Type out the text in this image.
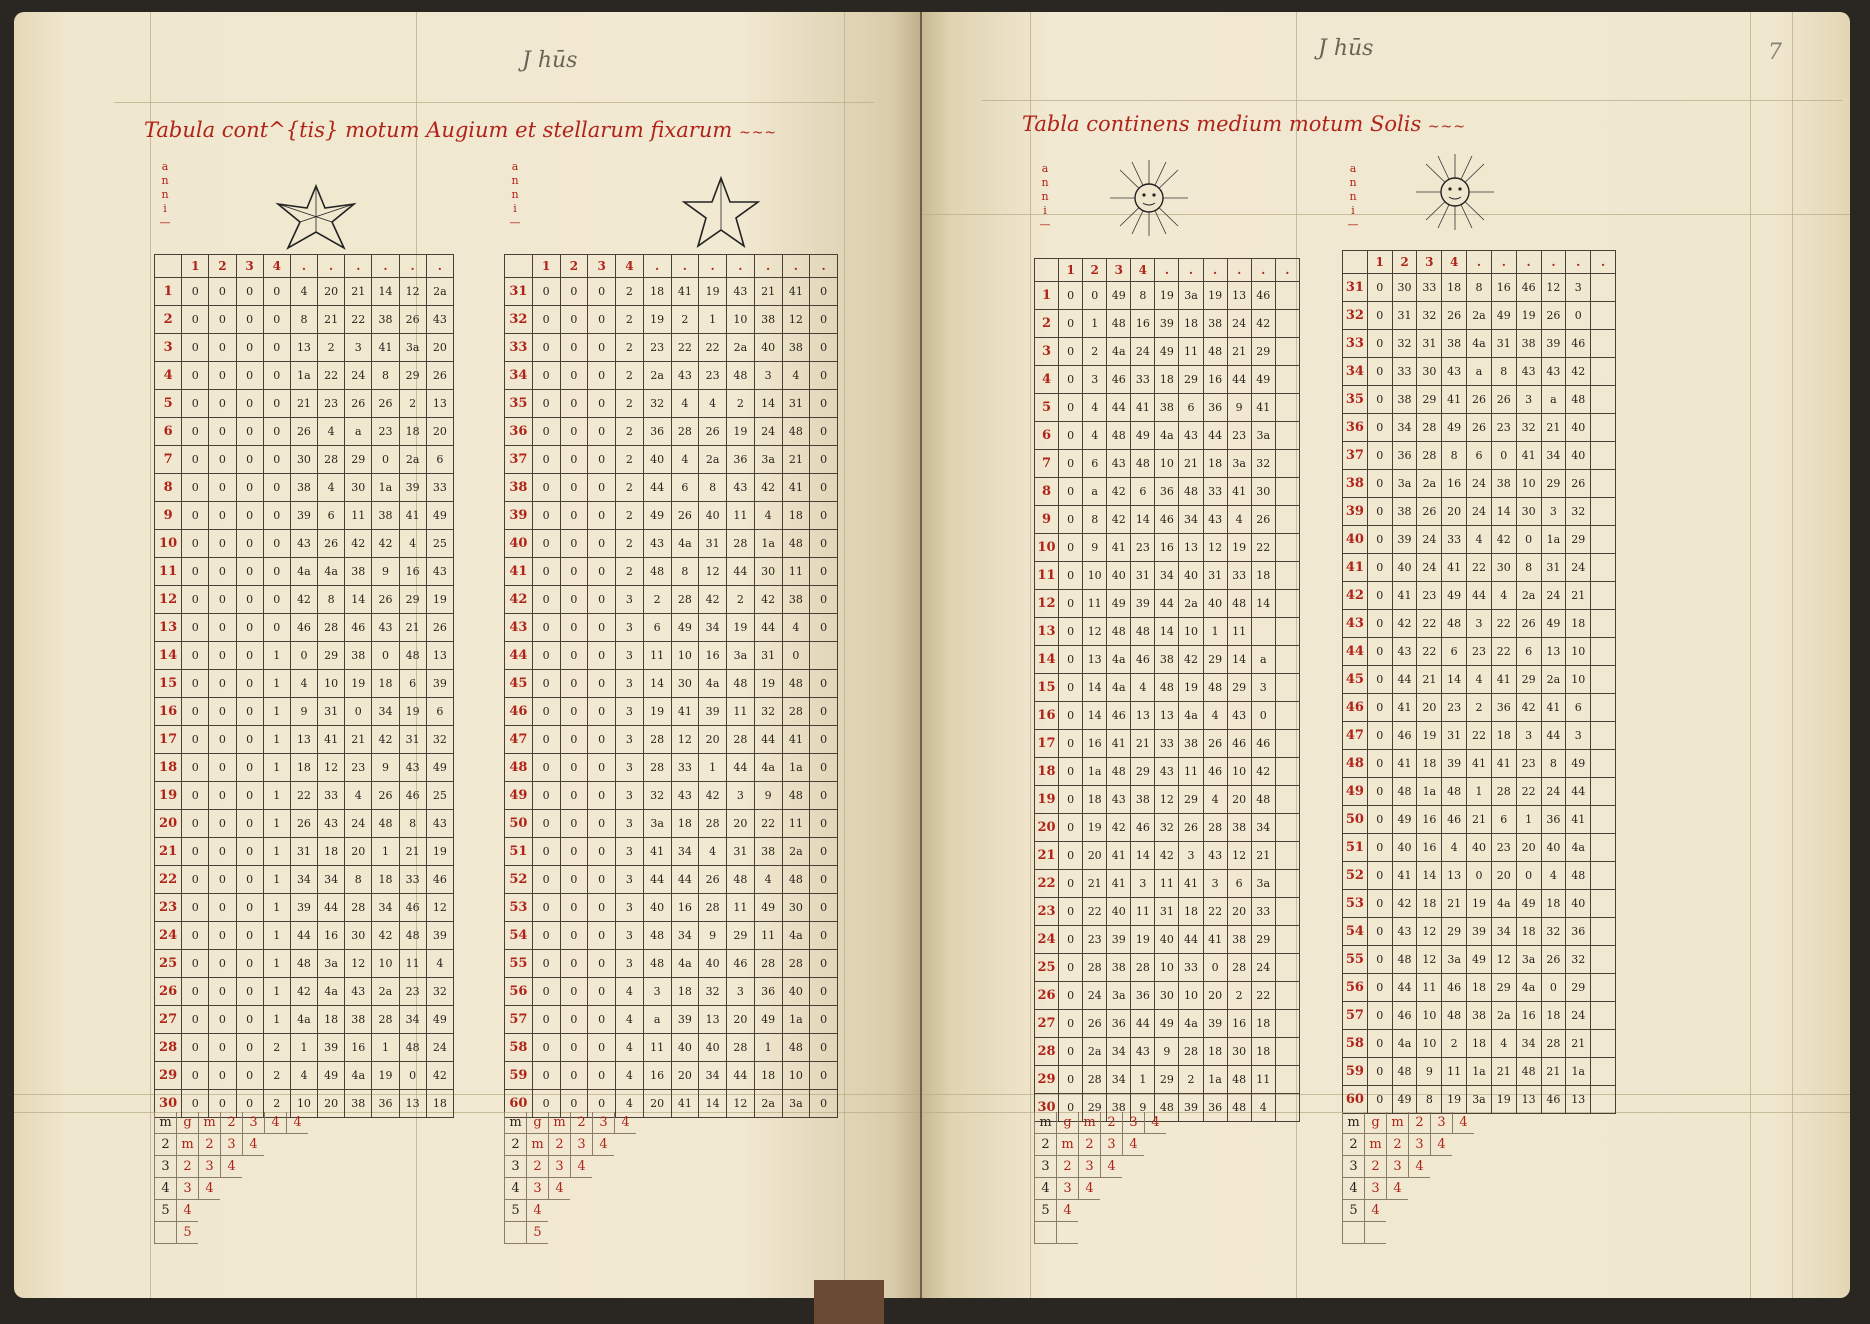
J hūs
Tabula cont^{tis} motum Augium et stellarum fixarum ~~~
a
n
n
i
—
a
n
n
i
—
	1	2	3	4	.	.	.	.	.	.
1	0	0	0	0	4	20	21	14	12	2a
2	0	0	0	0	8	21	22	38	26	43
3	0	0	0	0	13	2	3	41	3a	20
4	0	0	0	0	1a	22	24	8	29	26
5	0	0	0	0	21	23	26	26	2	13
6	0	0	0	0	26	4	a	23	18	20
7	0	0	0	0	30	28	29	0	2a	6
8	0	0	0	0	38	4	30	1a	39	33
9	0	0	0	0	39	6	11	38	41	49
10	0	0	0	0	43	26	42	42	4	25
11	0	0	0	0	4a	4a	38	9	16	43
12	0	0	0	0	42	8	14	26	29	19
13	0	0	0	0	46	28	46	43	21	26
14	0	0	0	1	0	29	38	0	48	13
15	0	0	0	1	4	10	19	18	6	39
16	0	0	0	1	9	31	0	34	19	6
17	0	0	0	1	13	41	21	42	31	32
18	0	0	0	1	18	12	23	9	43	49
19	0	0	0	1	22	33	4	26	46	25
20	0	0	0	1	26	43	24	48	8	43
21	0	0	0	1	31	18	20	1	21	19
22	0	0	0	1	34	34	8	18	33	46
23	0	0	0	1	39	44	28	34	46	12
24	0	0	0	1	44	16	30	42	48	39
25	0	0	0	1	48	3a	12	10	11	4
26	0	0	0	1	42	4a	43	2a	23	32
27	0	0	0	1	4a	18	38	28	34	49
28	0	0	0	2	1	39	16	1	48	24
29	0	0	0	2	4	49	4a	19	0	42
30	0	0	0	2	10	20	38	36	13	18
	1	2	3	4	.	.	.	.	.	.	.
31	0	0	0	2	18	41	19	43	21	41	0
32	0	0	0	2	19	2	1	10	38	12	0
33	0	0	0	2	23	22	22	2a	40	38	0
34	0	0	0	2	2a	43	23	48	3	4	0
35	0	0	0	2	32	4	4	2	14	31	0
36	0	0	0	2	36	28	26	19	24	48	0
37	0	0	0	2	40	4	2a	36	3a	21	0
38	0	0	0	2	44	6	8	43	42	41	0
39	0	0	0	2	49	26	40	11	4	18	0
40	0	0	0	2	43	4a	31	28	1a	48	0
41	0	0	0	2	48	8	12	44	30	11	0
42	0	0	0	3	2	28	42	2	42	38	0
43	0	0	0	3	6	49	34	19	44	4	0
44	0	0	0	3	11	10	16	3a	31	0	
45	0	0	0	3	14	30	4a	48	19	48	0
46	0	0	0	3	19	41	39	11	32	28	0
47	0	0	0	3	28	12	20	28	44	41	0
48	0	0	0	3	28	33	1	44	4a	1a	0
49	0	0	0	3	32	43	42	3	9	48	0
50	0	0	0	3	3a	18	28	20	22	11	0
51	0	0	0	3	41	34	4	31	38	2a	0
52	0	0	0	3	44	44	26	48	4	48	0
53	0	0	0	3	40	16	28	11	49	30	0
54	0	0	0	3	48	34	9	29	11	4a	0
55	0	0	0	3	48	4a	40	46	28	28	0
56	0	0	0	4	3	18	32	3	36	40	0
57	0	0	0	4	a	39	13	20	49	1a	0
58	0	0	0	4	11	40	40	28	1	48	0
59	0	0	0	4	16	20	34	44	18	10	0
60	0	0	0	4	20	41	14	12	2a	3a	0
m g m 2	3	4	4
2 m 2	3	4
3	2	3	4
4	3	4
5	4
5
m g m 2	3	4
2 m 2	3	4
3	2	3	4
4	3	4
5	4
5
J hūs	7
Tabla continens medium motum Solis ~~~
a
n
n
i
—
a
n
n
i
—
	1	2	3	4	.	.	.	.	.	.
1	0	0	49	8	19	3a	19	13	46	
2	0	1	48	16	39	18	38	24	42	
3	0	2	4a	24	49	11	48	21	29	
4	0	3	46	33	18	29	16	44	49	
5	0	4	44	41	38	6	36	9	41	
6	0	4	48	49	4a	43	44	23	3a	
7	0	6	43	48	10	21	18	3a	32	
8	0	a	42	6	36	48	33	41	30	
9	0	8	42	14	46	34	43	4	26	
10	0	9	41	23	16	13	12	19	22	
11	0	10	40	31	34	40	31	33	18	
12	0	11	49	39	44	2a	40	48	14	
13	0	12	48	48	14	10	1	11		
14	0	13	4a	46	38	42	29	14	a	
15	0	14	4a	4	48	19	48	29	3	
16	0	14	46	13	13	4a	4	43	0	
17	0	16	41	21	33	38	26	46	46	
18	0	1a	48	29	43	11	46	10	42	
19	0	18	43	38	12	29	4	20	48	
20	0	19	42	46	32	26	28	38	34	
21	0	20	41	14	42	3	43	12	21	
22	0	21	41	3	11	41	3	6	3a	
23	0	22	40	11	31	18	22	20	33	
24	0	23	39	19	40	44	41	38	29	
25	0	28	38	28	10	33	0	28	24	
26	0	24	3a	36	30	10	20	2	22	
27	0	26	36	44	49	4a	39	16	18	
28	0	2a	34	43	9	28	18	30	18	
29	0	28	34	1	29	2	1a	48	11	
30	0	29	38	9	48	39	36	48	4	
	1	2	3	4	.	.	.	.	.	.
31	0	30	33	18	8	16	46	12	3	
32	0	31	32	26	2a	49	19	26	0	
33	0	32	31	38	4a	31	38	39	46	
34	0	33	30	43	a	8	43	43	42	
35	0	38	29	41	26	26	3	a	48	
36	0	34	28	49	26	23	32	21	40	
37	0	36	28	8	6	0	41	34	40	
38	0	3a	2a	16	24	38	10	29	26	
39	0	38	26	20	24	14	30	3	32	
40	0	39	24	33	4	42	0	1a	29	
41	0	40	24	41	22	30	8	31	24	
42	0	41	23	49	44	4	2a	24	21	
43	0	42	22	48	3	22	26	49	18	
44	0	43	22	6	23	22	6	13	10	
45	0	44	21	14	4	41	29	2a	10	
46	0	41	20	23	2	36	42	41	6	
47	0	46	19	31	22	18	3	44	3	
48	0	41	18	39	41	41	23	8	49	
49	0	48	1a	48	1	28	22	24	44	
50	0	49	16	46	21	6	1	36	41	
51	0	40	16	4	40	23	20	40	4a	
52	0	41	14	13	0	20	0	4	48	
53	0	42	18	21	19	4a	49	18	40	
54	0	43	12	29	39	34	18	32	36	
55	0	48	12	3a	49	12	3a	26	32	
56	0	44	11	46	18	29	4a	0	29	
57	0	46	10	48	38	2a	16	18	24	
58	0	4a	10	2	18	4	34	28	21	
59	0	48	9	11	1a	21	48	21	1a	
60	0	49	8	19	3a	19	13	46	13	
m g m 2	3	4
2 m 2	3	4
3	2	3	4
4	3	4
5	4
m g m 2	3	4
2 m 2	3	4
3	2	3	4
4	3	4
5	4
